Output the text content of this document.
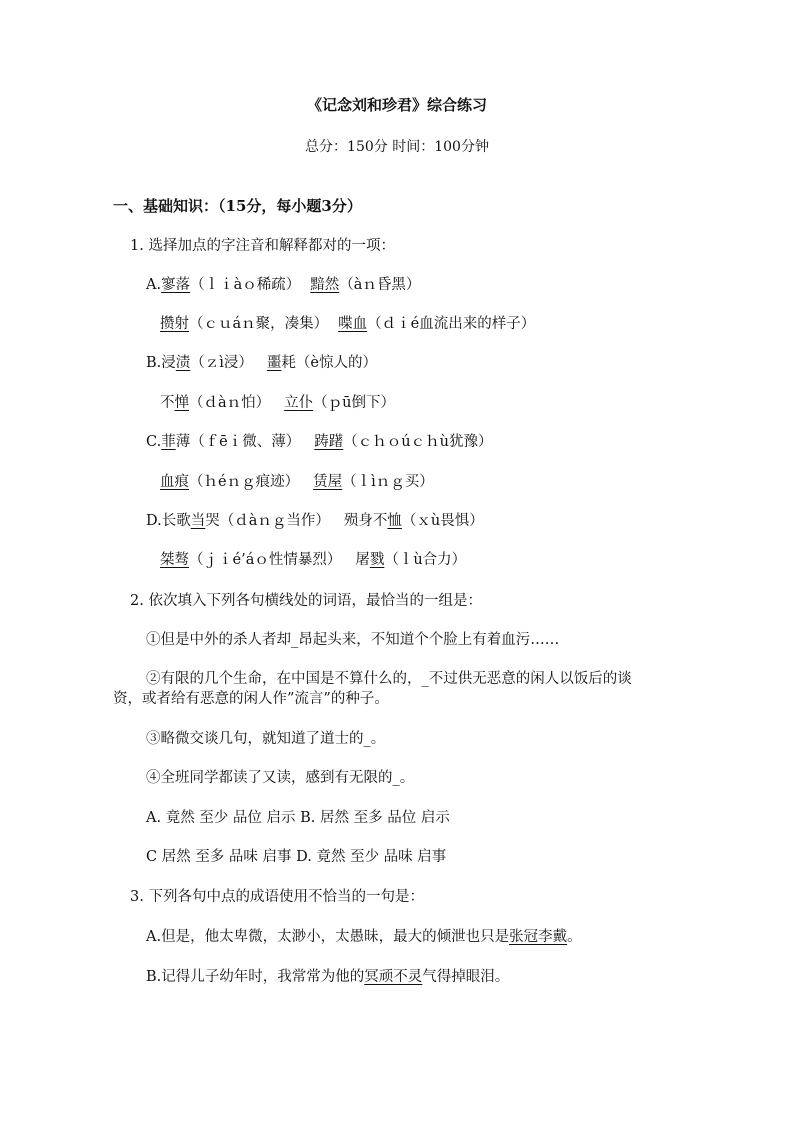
《记念刘和珍君》综合练习
总分：150分 时间：100分钟
一、基础知识：（15分，每小题3分）
1. 选择加点的字注音和解释都对的一项：
A.寥落（ｌｉàｏ稀疏） 黯然（àｎ昏黑）
攒射（ｃｕáｎ聚，凑集） 喋血（ｄｉé血流出来的样子）
B.浸渍（ｚì浸） 噩耗（è惊人的）
不惮（ｄàｎ怕） 立仆（ｐū倒下）
C.菲薄（ｆēｉ微、薄） 踌躇（ｃｈｏúｃｈù犹豫）
血痕（ｈéｎｇ痕迹） 赁屋（ｌìｎｇ买）
D.长歌当哭（ｄàｎｇ当作） 殒身不恤（ｘù畏惧）
桀骜（ｊｉé’áｏ性情暴烈） 屠戮（ｌù合力）
2. 依次填入下列各句横线处的词语，最恰当的一组是：
①但是中外的杀人者却_昂起头来，不知道个个脸上有着血污……
②有限的几个生命，在中国是不算什么的，_不过供无恶意的闲人以饭后的谈
资，或者给有恶意的闲人作”流言”的种子。
③略微交谈几句，就知道了道士的_。
④全班同学都读了又读，感到有无限的_。
A. 竟然 至少 品位 启示 B. 居然 至多 品位 启示
C 居然 至多 品味 启事 D. 竟然 至少 品味 启事
3. 下列各句中点的成语使用不恰当的一句是：
A.但是，他太卑微，太渺小，太愚昧，最大的倾泄也只是张冠李戴。
B.记得儿子幼年时，我常常为他的冥顽不灵气得掉眼泪。
